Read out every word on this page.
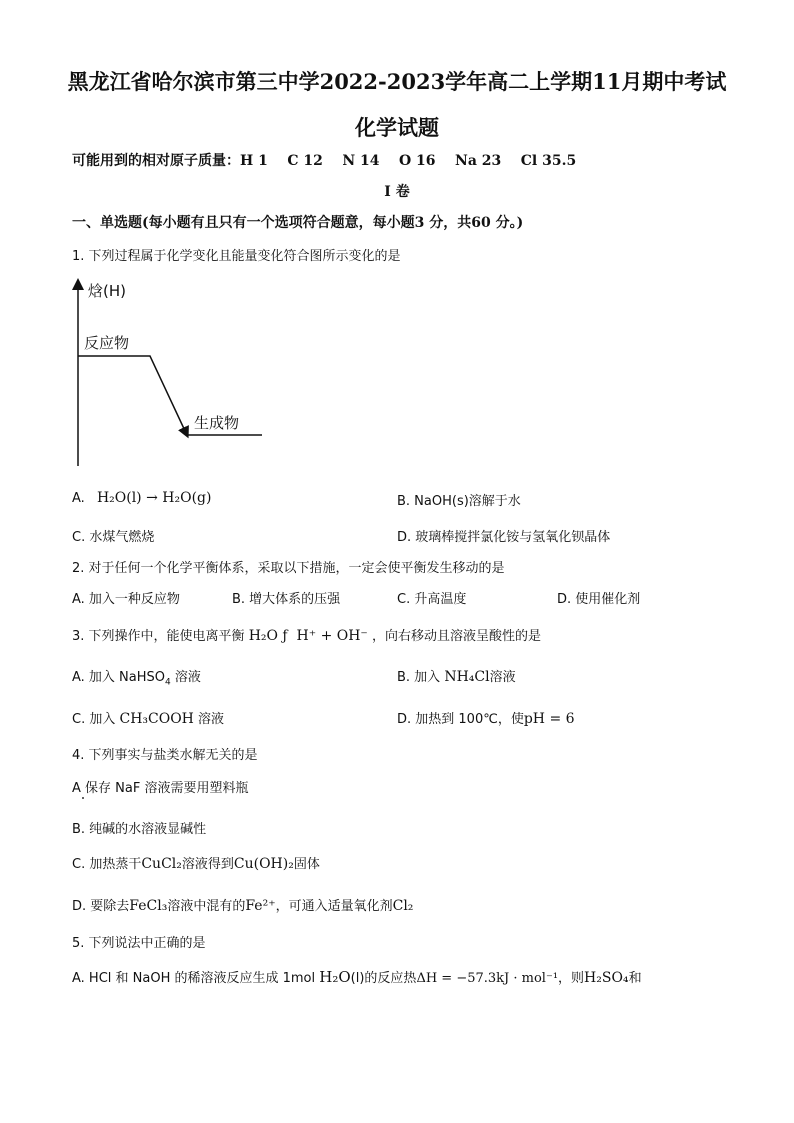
黑龙江省哈尔滨市第三中学2022-2023学年高二上学期11月期中考试
化学试题
可能用到的相对原子质量：H 1    C 12    N 14    O 16    Na 23    Cl 35.5
I 卷
一、单选题(每小题有且只有一个选项符合题意，每小题3 分，共60 分。)
1. 下列过程属于化学变化且能量变化符合图所示变化的是
焓(H)
反应物
生成物
A. H₂O(l) → H₂O(g)	B. NaOH(s)溶解于水
C. 水煤气燃烧	D. 玻璃棒搅拌氯化铵与氢氧化钡晶体
2. 对于任何一个化学平衡体系，采取以下措施，一定会使平衡发生移动的是
A. 加入一种反应物	B. 增大体系的压强	C. 升高温度	D. 使用催化剂
3. 下列操作中，能使电离平衡 H₂O ƒ  H⁺ + OH⁻ ，向右移动且溶液呈酸性的是
A. 加入 NaHSO$_4$ 溶液	B. 加入 NH₄Cl溶液
C. 加入 CH₃COOH 溶液	D. 加热到 100℃，使pH = 6
4. 下列事实与盐类水解无关的是
A 保存 NaF 溶液需要用塑料瓶
B. 纯碱的水溶液显碱性
C. 加热蒸干CuCl₂溶液得到Cu(OH)₂固体
D. 要除去FeCl₃溶液中混有的Fe²⁺，可通入适量氧化剂Cl₂
5. 下列说法中正确的是
A. HCl 和 NaOH 的稀溶液反应生成 1mol H₂O(l)的反应热ΔH = −57.3kJ · mol⁻¹，则H₂SO₄和
